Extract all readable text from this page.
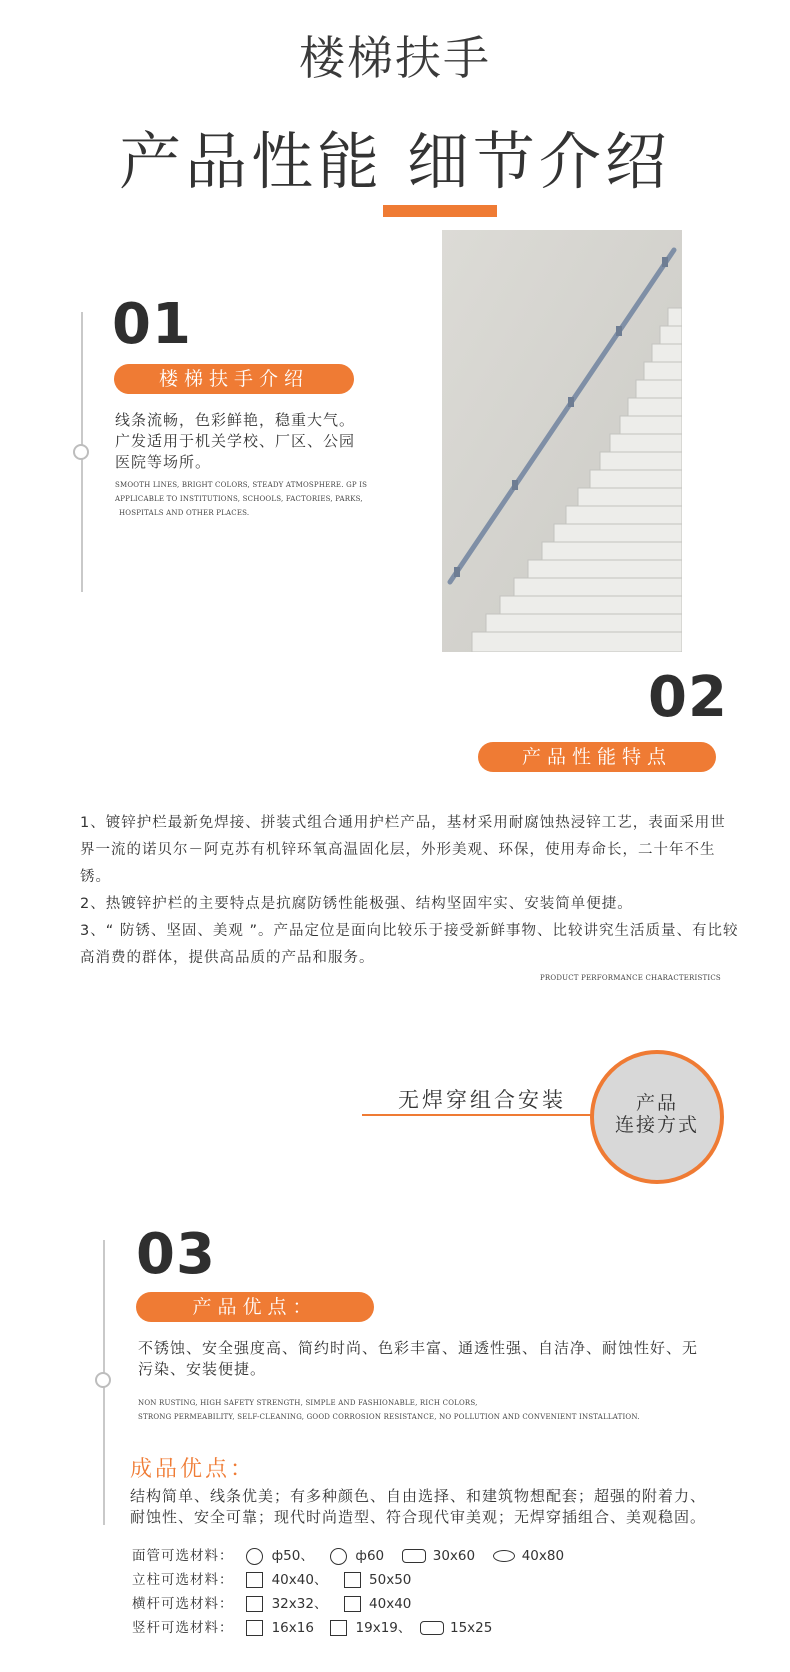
楼梯扶手
产品性能 细节介绍
01
楼梯扶手介绍
线条流畅，色彩鲜艳，稳重大气。
广发适用于机关学校、厂区、公园
医院等场所。
SMOOTH LINES, BRIGHT COLORS, STEADY ATMOSPHERE. GP IS
APPLICABLE TO INSTITUTIONS, SCHOOLS, FACTORIES, PARKS,
HOSPITALS AND OTHER PLACES.
02
产品性能特点
1、镀锌护栏最新免焊接、拼装式组合通用护栏产品，基材采用耐腐蚀热浸锌工艺，表面采用世界一流的诺贝尔－阿克苏有机锌环氧高温固化层，外形美观、环保，使用寿命长，二十年不生锈。
2、热镀锌护栏的主要特点是抗腐防锈性能极强、结构坚固牢实、安装简单便捷。
3、“ 防锈、坚固、美观 ”。产品定位是面向比较乐于接受新鲜事物、比较讲究生活质量、有比较高消费的群体，提供高品质的产品和服务。
PRODUCT PERFORMANCE CHARACTERISTICS
无焊穿组合安装	产品
连接方式
03
产品优点：
不锈蚀、安全强度高、简约时尚、色彩丰富、通透性强、自洁净、耐蚀性好、无
污染、安装便捷。
NON RUSTING, HIGH SAFETY STRENGTH, SIMPLE AND FASHIONABLE, RICH COLORS,
STRONG PERMEABILITY, SELF-CLEANING, GOOD CORROSION RESISTANCE, NO POLLUTION AND CONVENIENT INSTALLATION.
成品优点：
结构简单、线条优美；有多种颜色、自由选择、和建筑物想配套；超强的附着力、
耐蚀性、安全可靠；现代时尚造型、符合现代审美观；无焊穿插组合、美观稳固。
面管可选材料：	ф50、	ф60	30x60	40x80
立柱可选材料：	40x40、	50x50
横杆可选材料：	32x32、	40x40
竖杆可选材料：	16x16	19x19、	15x25
